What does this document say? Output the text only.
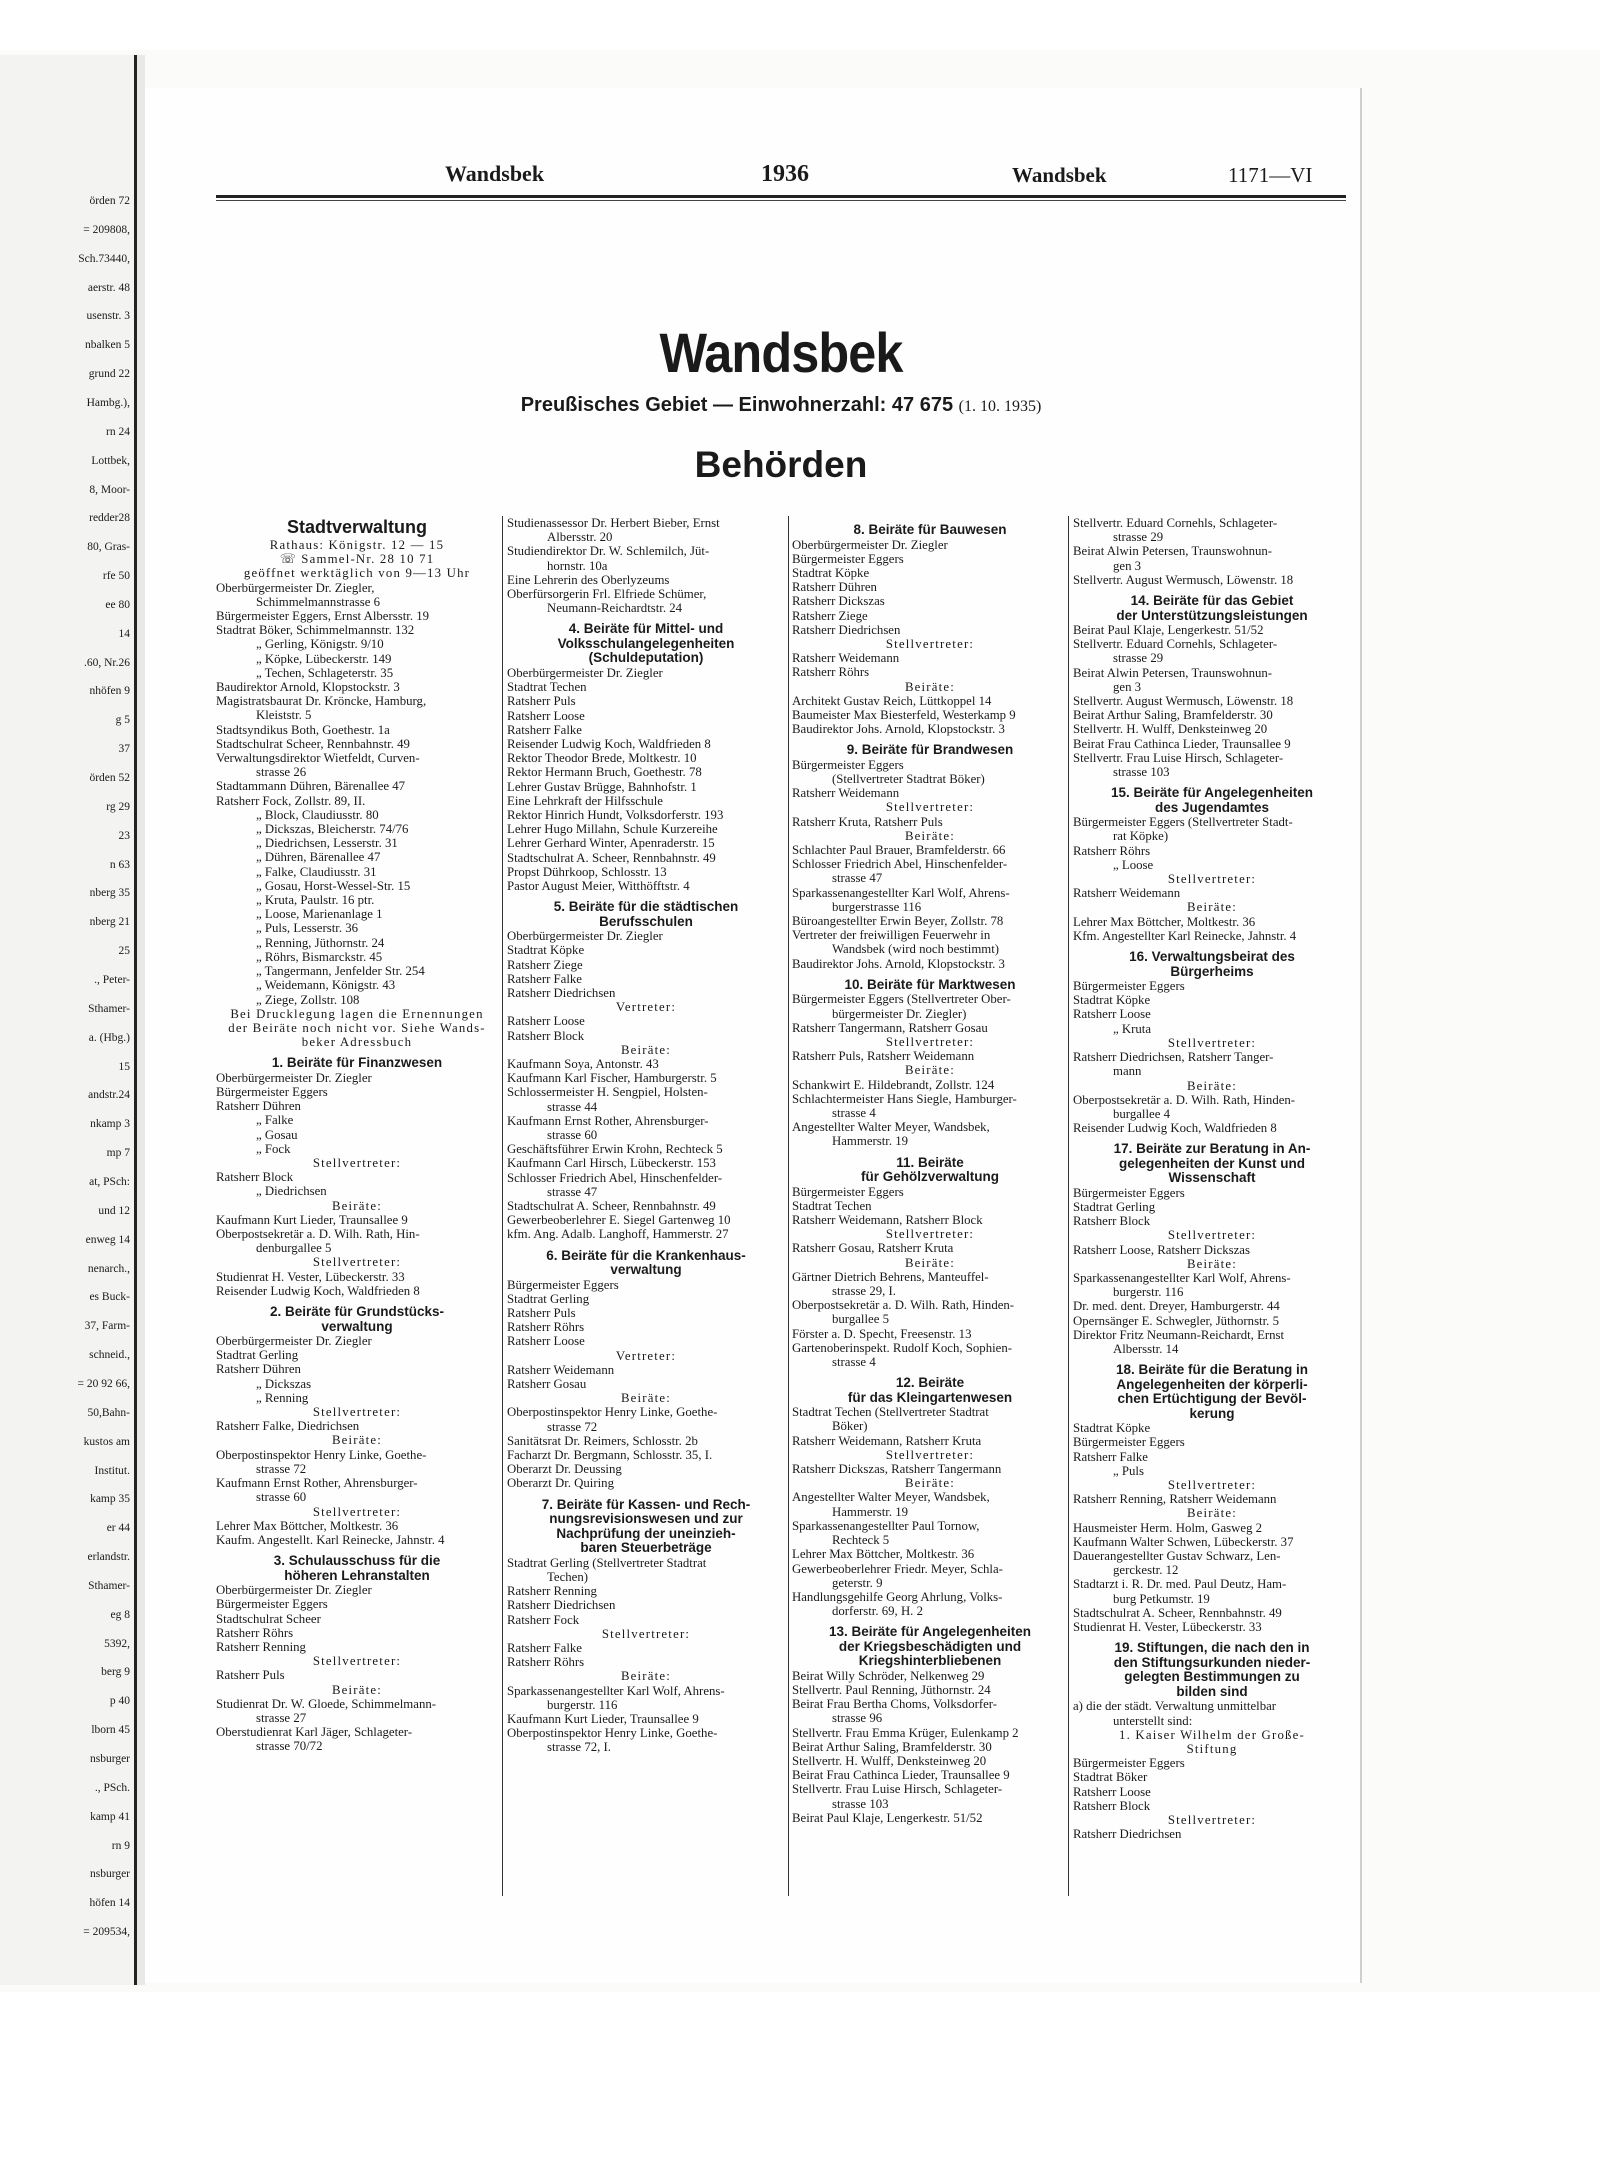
örden 72
= 209808,
Sch.73440,
aerstr. 48
usenstr. 3
nbalken 5
grund 22
Hambg.),
rn 24
Lottbek,
8, Moor-
redder28
80, Gras-
rfe 50
ee 80
14
.60, Nr.26
nhöfen 9
g 5
37
örden 52
rg 29
23
n 63
nberg 35
nberg 21
25
., Peter-
Sthamer-
a. (Hbg.)
15
andstr.24
nkamp 3
mp 7
at, PSch:
und 12
enweg 14
nenarch.,
es Buck-
37, Farm-
schneid.,
= 20 92 66,
50,Bahn-
kustos am
Institut.
kamp 35
er 44
erlandstr.
Sthamer-
eg 8
5392,
berg 9
p 40
lborn 45
nsburger
., PSch.
kamp 41
rn 9
nsburger
höfen 14
= 209534,
Wandsbek	1936	Wandsbek	1171—VI
Wandsbek
Preußisches Gebiet — Einwohnerzahl: 47 675 (1. 10. 1935)
Behörden
Stadtverwaltung
Rathaus: Königstr. 12 — 15
☏ Sammel-Nr. 28 10 71
geöffnet werktäglich von 9—13 Uhr
Oberbürgermeister Dr. Ziegler,
Schimmelmannstrasse 6
Bürgermeister Eggers, Ernst Albersstr. 19
Stadtrat Böker, Schimmelmannstr. 132
„ Gerling, Königstr. 9/10
„ Köpke, Lübeckerstr. 149
„ Techen, Schlageterstr. 35
Baudirektor Arnold, Klopstockstr. 3
Magistratsbaurat Dr. Kröncke, Hamburg,
Kleiststr. 5
Stadtsyndikus Both, Goethestr. 1a
Stadtschulrat Scheer, Rennbahnstr. 49
Verwaltungsdirektor Wietfeldt, Curven-
strasse 26
Stadtammann Dühren, Bärenallee 47
Ratsherr Fock, Zollstr. 89, II.
„ Block, Claudiusstr. 80
„ Dickszas, Bleicherstr. 74/76
„ Diedrichsen, Lesserstr. 31
„ Dühren, Bärenallee 47
„ Falke, Claudiusstr. 31
„ Gosau, Horst-Wessel-Str. 15
„ Kruta, Paulstr. 16 ptr.
„ Loose, Marienanlage 1
„ Puls, Lesserstr. 36
„ Renning, Jüthornstr. 24
„ Röhrs, Bismarckstr. 45
„ Tangermann, Jenfelder Str. 254
„ Weidemann, Königstr. 43
„ Ziege, Zollstr. 108
Bei Drucklegung lagen die Ernennungen
der Beiräte noch nicht vor. Siehe Wands-
beker Adressbuch
1. Beiräte für Finanzwesen
Oberbürgermeister Dr. Ziegler
Bürgermeister Eggers
Ratsherr Dühren
„ Falke
„ Gosau
„ Fock
Stellvertreter:
Ratsherr Block
„ Diedrichsen
Beiräte:
Kaufmann Kurt Lieder, Traunsallee 9
Oberpostsekretär a. D. Wilh. Rath, Hin-
denburgallee 5
Stellvertreter:
Studienrat H. Vester, Lübeckerstr. 33
Reisender Ludwig Koch, Waldfrieden 8
2. Beiräte für Grundstücks-
verwaltung
Oberbürgermeister Dr. Ziegler
Stadtrat Gerling
Ratsherr Dühren
„ Dickszas
„ Renning
Stellvertreter:
Ratsherr Falke, Diedrichsen
Beiräte:
Oberpostinspektor Henry Linke, Goethe-
strasse 72
Kaufmann Ernst Rother, Ahrensburger-
strasse 60
Stellvertreter:
Lehrer Max Böttcher, Moltkestr. 36
Kaufm. Angestellt. Karl Reinecke, Jahnstr. 4
3. Schulausschuss für die
höheren Lehranstalten
Oberbürgermeister Dr. Ziegler
Bürgermeister Eggers
Stadtschulrat Scheer
Ratsherr Röhrs
Ratsherr Renning
Stellvertreter:
Ratsherr Puls
Beiräte:
Studienrat Dr. W. Gloede, Schimmelmann-
strasse 27
Oberstudienrat Karl Jäger, Schlageter-
strasse 70/72
Studienassessor Dr. Herbert Bieber, Ernst
Albersstr. 20
Studiendirektor Dr. W. Schlemilch, Jüt-
hornstr. 10a
Eine Lehrerin des Oberlyzeums
Oberfürsorgerin Frl. Elfriede Schümer,
Neumann-Reichardtstr. 24
4. Beiräte für Mittel- und
Volksschulangelegenheiten
(Schuldeputation)
Oberbürgermeister Dr. Ziegler
Stadtrat Techen
Ratsherr Puls
Ratsherr Loose
Ratsherr Falke
Reisender Ludwig Koch, Waldfrieden 8
Rektor Theodor Brede, Moltkestr. 10
Rektor Hermann Bruch, Goethestr. 78
Lehrer Gustav Brügge, Bahnhofstr. 1
Eine Lehrkraft der Hilfsschule
Rektor Hinrich Hundt, Volksdorferstr. 193
Lehrer Hugo Millahn, Schule Kurzereihe
Lehrer Gerhard Winter, Apenraderstr. 15
Stadtschulrat A. Scheer, Rennbahnstr. 49
Propst Dührkoop, Schlosstr. 13
Pastor August Meier, Witthöfftstr. 4
5. Beiräte für die städtischen
Berufsschulen
Oberbürgermeister Dr. Ziegler
Stadtrat Köpke
Ratsherr Ziege
Ratsherr Falke
Ratsherr Diedrichsen
Vertreter:
Ratsherr Loose
Ratsherr Block
Beiräte:
Kaufmann Soya, Antonstr. 43
Kaufmann Karl Fischer, Hamburgerstr. 5
Schlossermeister H. Sengpiel, Holsten-
strasse 44
Kaufmann Ernst Rother, Ahrensburger-
strasse 60
Geschäftsführer Erwin Krohn, Rechteck 5
Kaufmann Carl Hirsch, Lübeckerstr. 153
Schlosser Friedrich Abel, Hinschenfelder-
strasse 47
Stadtschulrat A. Scheer, Rennbahnstr. 49
Gewerbeoberlehrer E. Siegel Gartenweg 10
kfm. Ang. Adalb. Langhoff, Hammerstr. 27
6. Beiräte für die Krankenhaus-
verwaltung
Bürgermeister Eggers
Stadtrat Gerling
Ratsherr Puls
Ratsherr Röhrs
Ratsherr Loose
Vertreter:
Ratsherr Weidemann
Ratsherr Gosau
Beiräte:
Oberpostinspektor Henry Linke, Goethe-
strasse 72
Sanitätsrat Dr. Reimers, Schlosstr. 2b
Facharzt Dr. Bergmann, Schlosstr. 35, I.
Oberarzt Dr. Deussing
Oberarzt Dr. Quiring
7. Beiräte für Kassen- und Rech-
nungsrevisionswesen und zur
Nachprüfung der uneinzieh-
baren Steuerbeträge
Stadtrat Gerling (Stellvertreter Stadtrat
Techen)
Ratsherr Renning
Ratsherr Diedrichsen
Ratsherr Fock
Stellvertreter:
Ratsherr Falke
Ratsherr Röhrs
Beiräte:
Sparkassenangestellter Karl Wolf, Ahrens-
burgerstr. 116
Kaufmann Kurt Lieder, Traunsallee 9
Oberpostinspektor Henry Linke, Goethe-
strasse 72, I.
8. Beiräte für Bauwesen
Oberbürgermeister Dr. Ziegler
Bürgermeister Eggers
Stadtrat Köpke
Ratsherr Dühren
Ratsherr Dickszas
Ratsherr Ziege
Ratsherr Diedrichsen
Stellvertreter:
Ratsherr Weidemann
Ratsherr Röhrs
Beiräte:
Architekt Gustav Reich, Lüttkoppel 14
Baumeister Max Biesterfeld, Westerkamp 9
Baudirektor Johs. Arnold, Klopstockstr. 3
9. Beiräte für Brandwesen
Bürgermeister Eggers
(Stellvertreter Stadtrat Böker)
Ratsherr Weidemann
Stellvertreter:
Ratsherr Kruta, Ratsherr Puls
Beiräte:
Schlachter Paul Brauer, Bramfelderstr. 66
Schlosser Friedrich Abel, Hinschenfelder-
strasse 47
Sparkassenangestellter Karl Wolf, Ahrens-
burgerstrasse 116
Büroangestellter Erwin Beyer, Zollstr. 78
Vertreter der freiwilligen Feuerwehr in
Wandsbek (wird noch bestimmt)
Baudirektor Johs. Arnold, Klopstockstr. 3
10. Beiräte für Marktwesen
Bürgermeister Eggers (Stellvertreter Ober-
bürgermeister Dr. Ziegler)
Ratsherr Tangermann, Ratsherr Gosau
Stellvertreter:
Ratsherr Puls, Ratsherr Weidemann
Beiräte:
Schankwirt E. Hildebrandt, Zollstr. 124
Schlachtermeister Hans Siegle, Hamburger-
strasse 4
Angestellter Walter Meyer, Wandsbek,
Hammerstr. 19
11. Beiräte
für Gehölzverwaltung
Bürgermeister Eggers
Stadtrat Techen
Ratsherr Weidemann, Ratsherr Block
Stellvertreter:
Ratsherr Gosau, Ratsherr Kruta
Beiräte:
Gärtner Dietrich Behrens, Manteuffel-
strasse 29, I.
Oberpostsekretär a. D. Wilh. Rath, Hinden-
burgallee 5
Förster a. D. Specht, Freesenstr. 13
Gartenoberinspekt. Rudolf Koch, Sophien-
strasse 4
12. Beiräte
für das Kleingartenwesen
Stadtrat Techen (Stellvertreter Stadtrat
Böker)
Ratsherr Weidemann, Ratsherr Kruta
Stellvertreter:
Ratsherr Dickszas, Ratsherr Tangermann
Beiräte:
Angestellter Walter Meyer, Wandsbek,
Hammerstr. 19
Sparkassenangestellter Paul Tornow,
Rechteck 5
Lehrer Max Böttcher, Moltkestr. 36
Gewerbeoberlehrer Friedr. Meyer, Schla-
geterstr. 9
Handlungsgehilfe Georg Ahrlung, Volks-
dorferstr. 69, H. 2
13. Beiräte für Angelegenheiten
der Kriegsbeschädigten und
Kriegshinterbliebenen
Beirat Willy Schröder, Nelkenweg 29
Stellvertr. Paul Renning, Jüthornstr. 24
Beirat Frau Bertha Choms, Volksdorfer-
strasse 96
Stellvertr. Frau Emma Krüger, Eulenkamp 2
Beirat Arthur Saling, Bramfelderstr. 30
Stellvertr. H. Wulff, Denksteinweg 20
Beirat Frau Cathinca Lieder, Traunsallee 9
Stellvertr. Frau Luise Hirsch, Schlageter-
strasse 103
Beirat Paul Klaje, Lengerkestr. 51/52
Stellvertr. Eduard Cornehls, Schlageter-
strasse 29
Beirat Alwin Petersen, Traunswohnun-
gen 3
Stellvertr. August Wermusch, Löwenstr. 18
14. Beiräte für das Gebiet
der Unterstützungsleistungen
Beirat Paul Klaje, Lengerkestr. 51/52
Stellvertr. Eduard Cornehls, Schlageter-
strasse 29
Beirat Alwin Petersen, Traunswohnun-
gen 3
Stellvertr. August Wermusch, Löwenstr. 18
Beirat Arthur Saling, Bramfelderstr. 30
Stellvertr. H. Wulff, Denksteinweg 20
Beirat Frau Cathinca Lieder, Traunsallee 9
Stellvertr. Frau Luise Hirsch, Schlageter-
strasse 103
15. Beiräte für Angelegenheiten
des Jugendamtes
Bürgermeister Eggers (Stellvertreter Stadt-
rat Köpke)
Ratsherr Röhrs
„ Loose
Stellvertreter:
Ratsherr Weidemann
Beiräte:
Lehrer Max Böttcher, Moltkestr. 36
Kfm. Angestellter Karl Reinecke, Jahnstr. 4
16. Verwaltungsbeirat des
Bürgerheims
Bürgermeister Eggers
Stadtrat Köpke
Ratsherr Loose
„ Kruta
Stellvertreter:
Ratsherr Diedrichsen, Ratsherr Tanger-
mann
Beiräte:
Oberpostsekretär a. D. Wilh. Rath, Hinden-
burgallee 4
Reisender Ludwig Koch, Waldfrieden 8
17. Beiräte zur Beratung in An-
gelegenheiten der Kunst und
Wissenschaft
Bürgermeister Eggers
Stadtrat Gerling
Ratsherr Block
Stellvertreter:
Ratsherr Loose, Ratsherr Dickszas
Beiräte:
Sparkassenangestellter Karl Wolf, Ahrens-
burgerstr. 116
Dr. med. dent. Dreyer, Hamburgerstr. 44
Opernsänger E. Schwegler, Jüthornstr. 5
Direktor Fritz Neumann-Reichardt, Ernst
Albersstr. 14
18. Beiräte für die Beratung in
Angelegenheiten der körperli-
chen Ertüchtigung der Bevöl-
kerung
Stadtrat Köpke
Bürgermeister Eggers
Ratsherr Falke
„ Puls
Stellvertreter:
Ratsherr Renning, Ratsherr Weidemann
Beiräte:
Hausmeister Herm. Holm, Gasweg 2
Kaufmann Walter Schwen, Lübeckerstr. 37
Dauerangestellter Gustav Schwarz, Len-
gerckestr. 12
Stadtarzt i. R. Dr. med. Paul Deutz, Ham-
burg Petkumstr. 19
Stadtschulrat A. Scheer, Rennbahnstr. 49
Studienrat H. Vester, Lübeckerstr. 33
19. Stiftungen, die nach den in
den Stiftungsurkunden nieder-
gelegten Bestimmungen zu
bilden sind
a) die der städt. Verwaltung unmittelbar
unterstellt sind:
1. Kaiser Wilhelm der Große-
Stiftung
Bürgermeister Eggers
Stadtrat Böker
Ratsherr Loose
Ratsherr Block
Stellvertreter:
Ratsherr Diedrichsen
